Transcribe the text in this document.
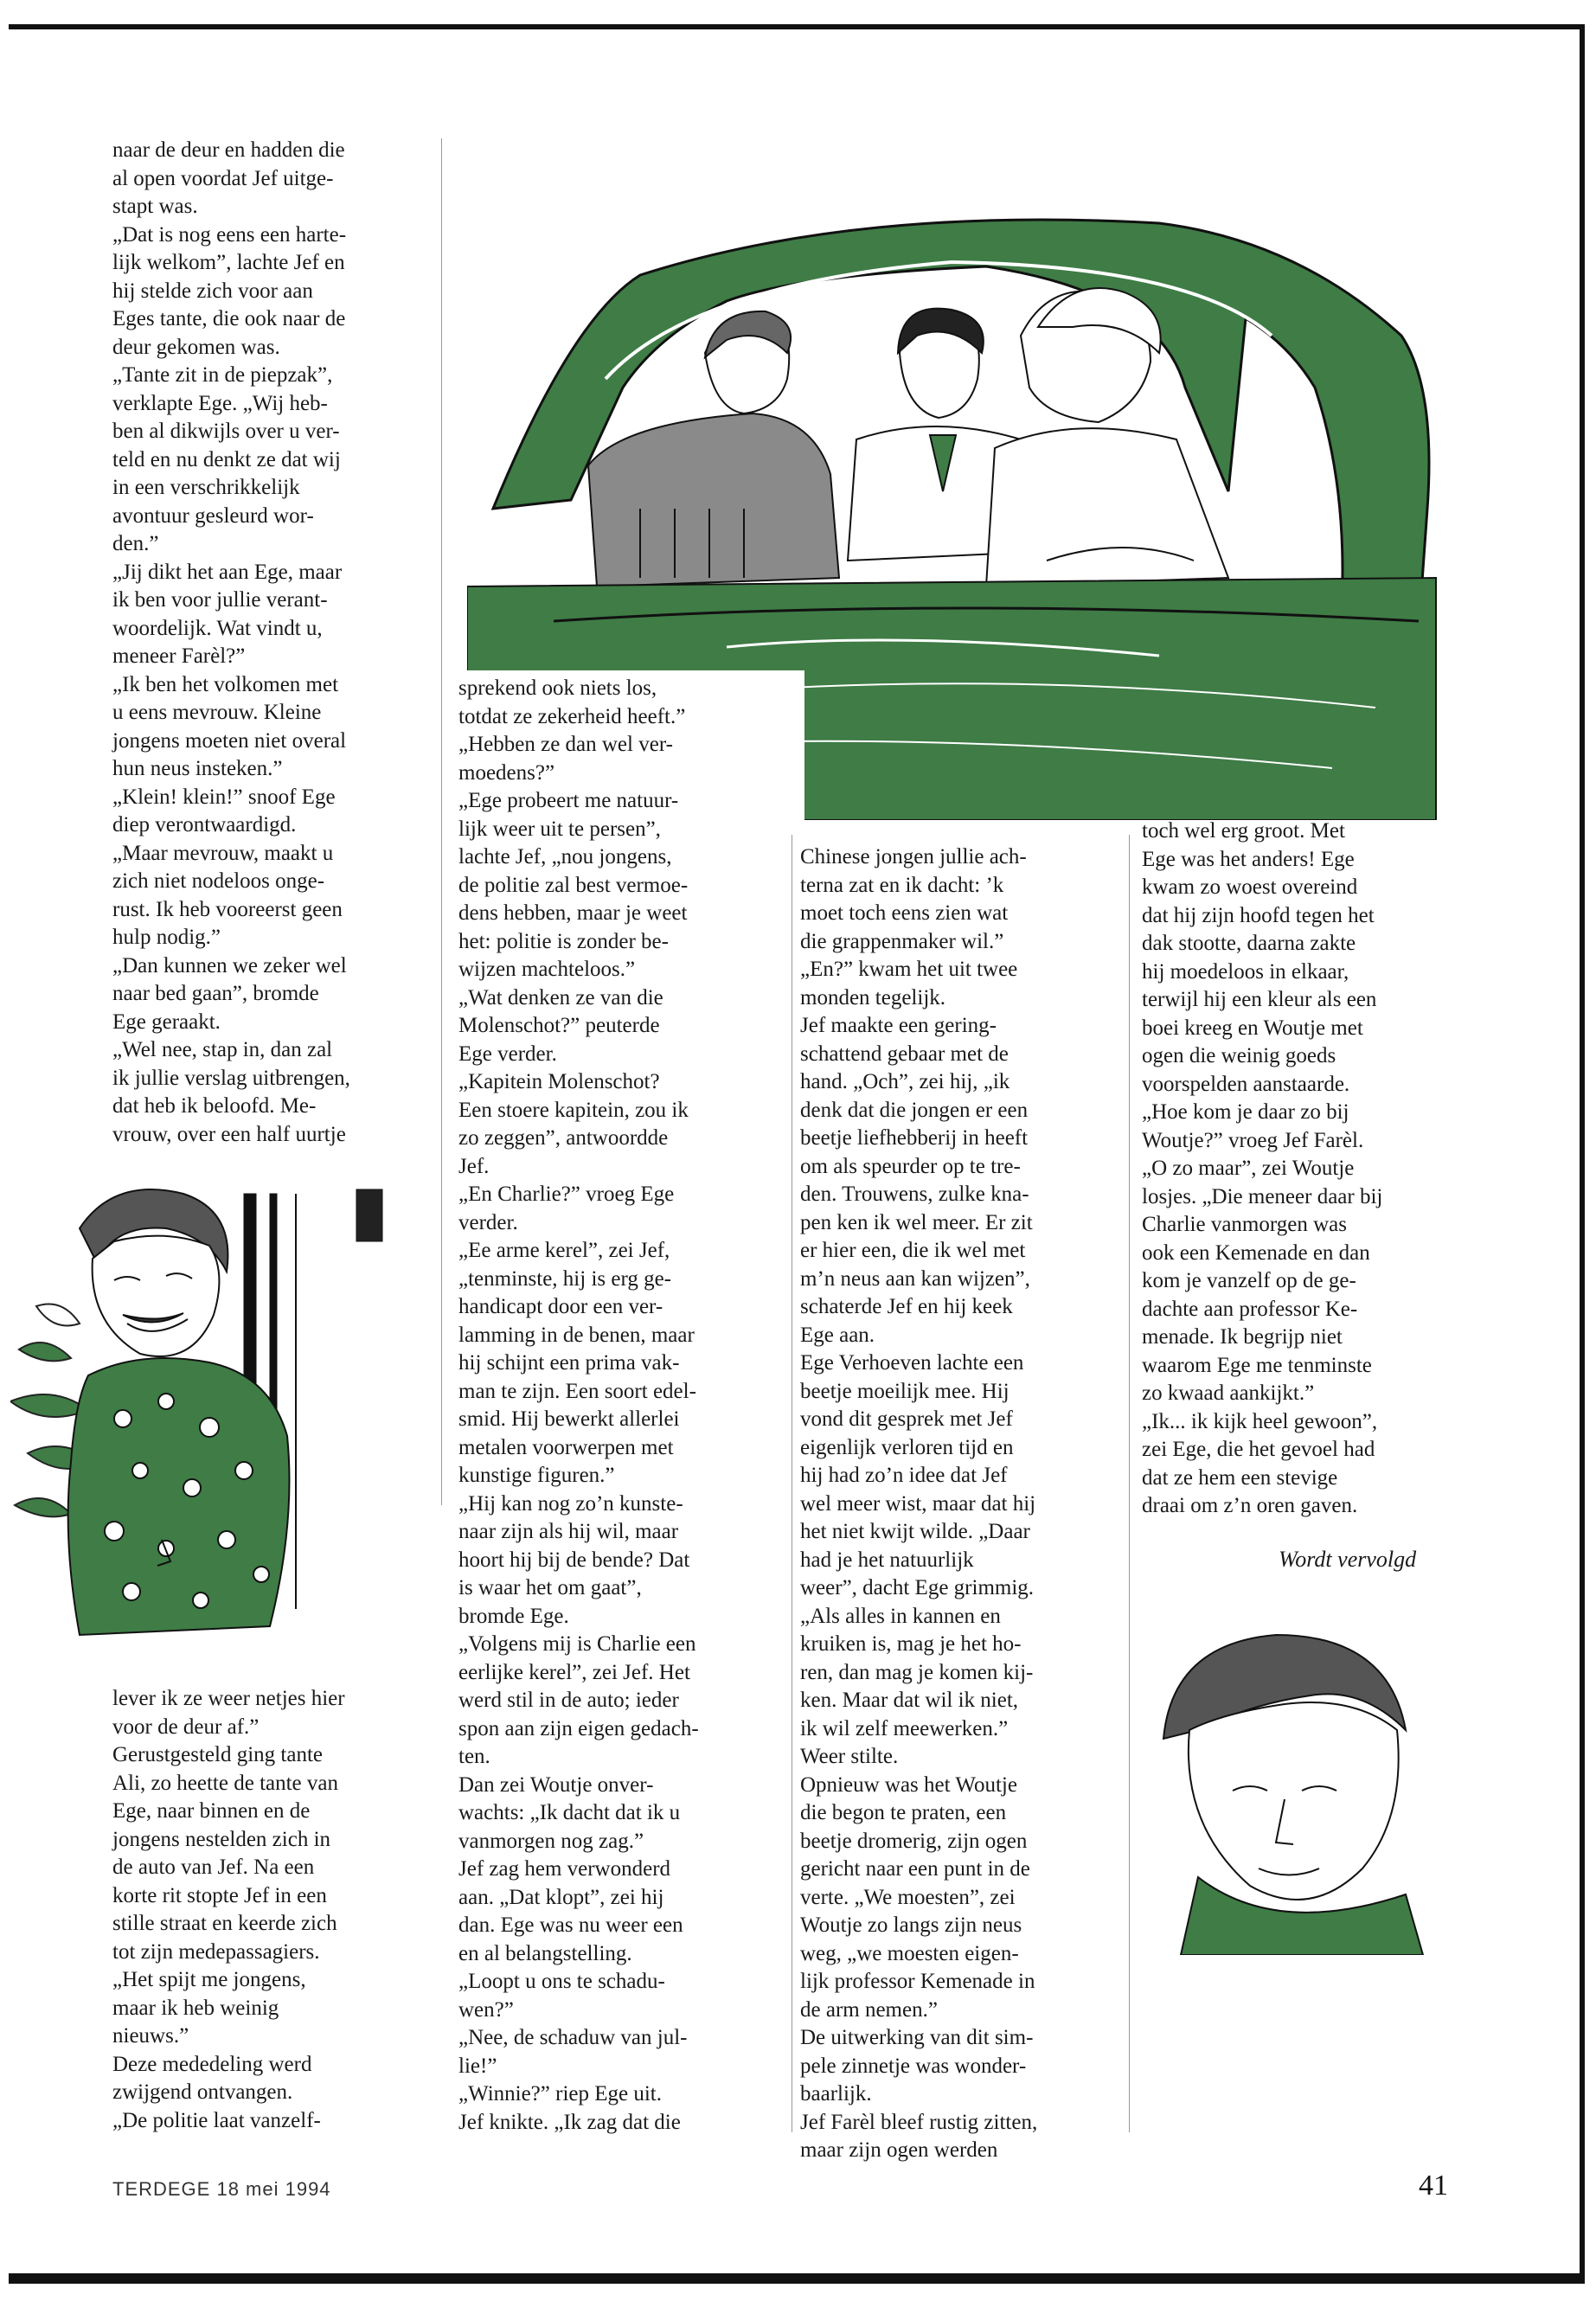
naar de deur en hadden die
al open voordat Jef uitge-
stapt was.
„Dat is nog eens een harte-
lijk welkom”, lachte Jef en
hij stelde zich voor aan
Eges tante, die ook naar de
deur gekomen was.
„Tante zit in de piepzak”,
verklapte Ege. „Wij heb-
ben al dikwijls over u ver-
teld en nu denkt ze dat wij
in een verschrikkelijk
avontuur gesleurd wor-
den.”
„Jij dikt het aan Ege, maar
ik ben voor jullie verant-
woordelijk. Wat vindt u,
meneer Farèl?”
„Ik ben het volkomen met
u eens mevrouw. Kleine
jongens moeten niet overal
hun neus insteken.”
„Klein! klein!” snoof Ege
diep verontwaardigd.
„Maar mevrouw, maakt u
zich niet nodeloos onge-
rust. Ik heb vooreerst geen
hulp nodig.”
„Dan kunnen we zeker wel
naar bed gaan”, bromde
Ege geraakt.
„Wel nee, stap in, dan zal
ik jullie verslag uitbrengen,
dat heb ik beloofd. Me-
vrouw, over een half uurtje
lever ik ze weer netjes hier
voor de deur af.”
Gerustgesteld ging tante
Ali, zo heette de tante van
Ege, naar binnen en de
jongens nestelden zich in
de auto van Jef. Na een
korte rit stopte Jef in een
stille straat en keerde zich
tot zijn medepassagiers.
„Het spijt me jongens,
maar ik heb weinig
nieuws.”
Deze mededeling werd
zwijgend ontvangen.
„De politie laat vanzelf-
sprekend ook niets los,
totdat ze zekerheid heeft.”
„Hebben ze dan wel ver-
moedens?”
„Ege probeert me natuur-
lijk weer uit te persen”,
lachte Jef, „nou jongens,
de politie zal best vermoe-
dens hebben, maar je weet
het: politie is zonder be-
wijzen machteloos.”
„Wat denken ze van die
Molenschot?” peuterde
Ege verder.
„Kapitein Molenschot?
Een stoere kapitein, zou ik
zo zeggen”, antwoordde
Jef.
„En Charlie?” vroeg Ege
verder.
„Ee arme kerel”, zei Jef,
„tenminste, hij is erg ge-
handicapt door een ver-
lamming in de benen, maar
hij schijnt een prima vak-
man te zijn. Een soort edel-
smid. Hij bewerkt allerlei
metalen voorwerpen met
kunstige figuren.”
„Hij kan nog zo’n kunste-
naar zijn als hij wil, maar
hoort hij bij de bende? Dat
is waar het om gaat”,
bromde Ege.
„Volgens mij is Charlie een
eerlijke kerel”, zei Jef. Het
werd stil in de auto; ieder
spon aan zijn eigen gedach-
ten.
Dan zei Woutje onver-
wachts: „Ik dacht dat ik u
vanmorgen nog zag.”
Jef zag hem verwonderd
aan. „Dat klopt”, zei hij
dan. Ege was nu weer een
en al belangstelling.
„Loopt u ons te schadu-
wen?”
„Nee, de schaduw van jul-
lie!”
„Winnie?” riep Ege uit.
Jef knikte. „Ik zag dat die
Chinese jongen jullie ach-
terna zat en ik dacht: ’k
moet toch eens zien wat
die grappenmaker wil.”
„En?” kwam het uit twee
monden tegelijk.
Jef maakte een gering-
schattend gebaar met de
hand. „Och”, zei hij, „ik
denk dat die jongen er een
beetje liefhebberij in heeft
om als speurder op te tre-
den. Trouwens, zulke kna-
pen ken ik wel meer. Er zit
er hier een, die ik wel met
m’n neus aan kan wijzen”,
schaterde Jef en hij keek
Ege aan.
Ege Verhoeven lachte een
beetje moeilijk mee. Hij
vond dit gesprek met Jef
eigenlijk verloren tijd en
hij had zo’n idee dat Jef
wel meer wist, maar dat hij
het niet kwijt wilde. „Daar
had je het natuurlijk
weer”, dacht Ege grimmig.
„Als alles in kannen en
kruiken is, mag je het ho-
ren, dan mag je komen kij-
ken. Maar dat wil ik niet,
ik wil zelf meewerken.”
Weer stilte.
Opnieuw was het Woutje
die begon te praten, een
beetje dromerig, zijn ogen
gericht naar een punt in de
verte. „We moesten”, zei
Woutje zo langs zijn neus
weg, „we moesten eigen-
lijk professor Kemenade in
de arm nemen.”
De uitwerking van dit sim-
pele zinnetje was wonder-
baarlijk.
Jef Farèl bleef rustig zitten,
maar zijn ogen werden
toch wel erg groot. Met
Ege was het anders! Ege
kwam zo woest overeind
dat hij zijn hoofd tegen het
dak stootte, daarna zakte
hij moedeloos in elkaar,
terwijl hij een kleur als een
boei kreeg en Woutje met
ogen die weinig goeds
voorspelden aanstaarde.
„Hoe kom je daar zo bij
Woutje?” vroeg Jef Farèl.
„O zo maar”, zei Woutje
losjes. „Die meneer daar bij
Charlie vanmorgen was
ook een Kemenade en dan
kom je vanzelf op de ge-
dachte aan professor Ke-
menade. Ik begrijp niet
waarom Ege me tenminste
zo kwaad aankijkt.”
„Ik... ik kijk heel gewoon”,
zei Ege, die het gevoel had
dat ze hem een stevige
draai om z’n oren gaven.
Wordt vervolgd
TERDEGE 18 mei 1994	41
